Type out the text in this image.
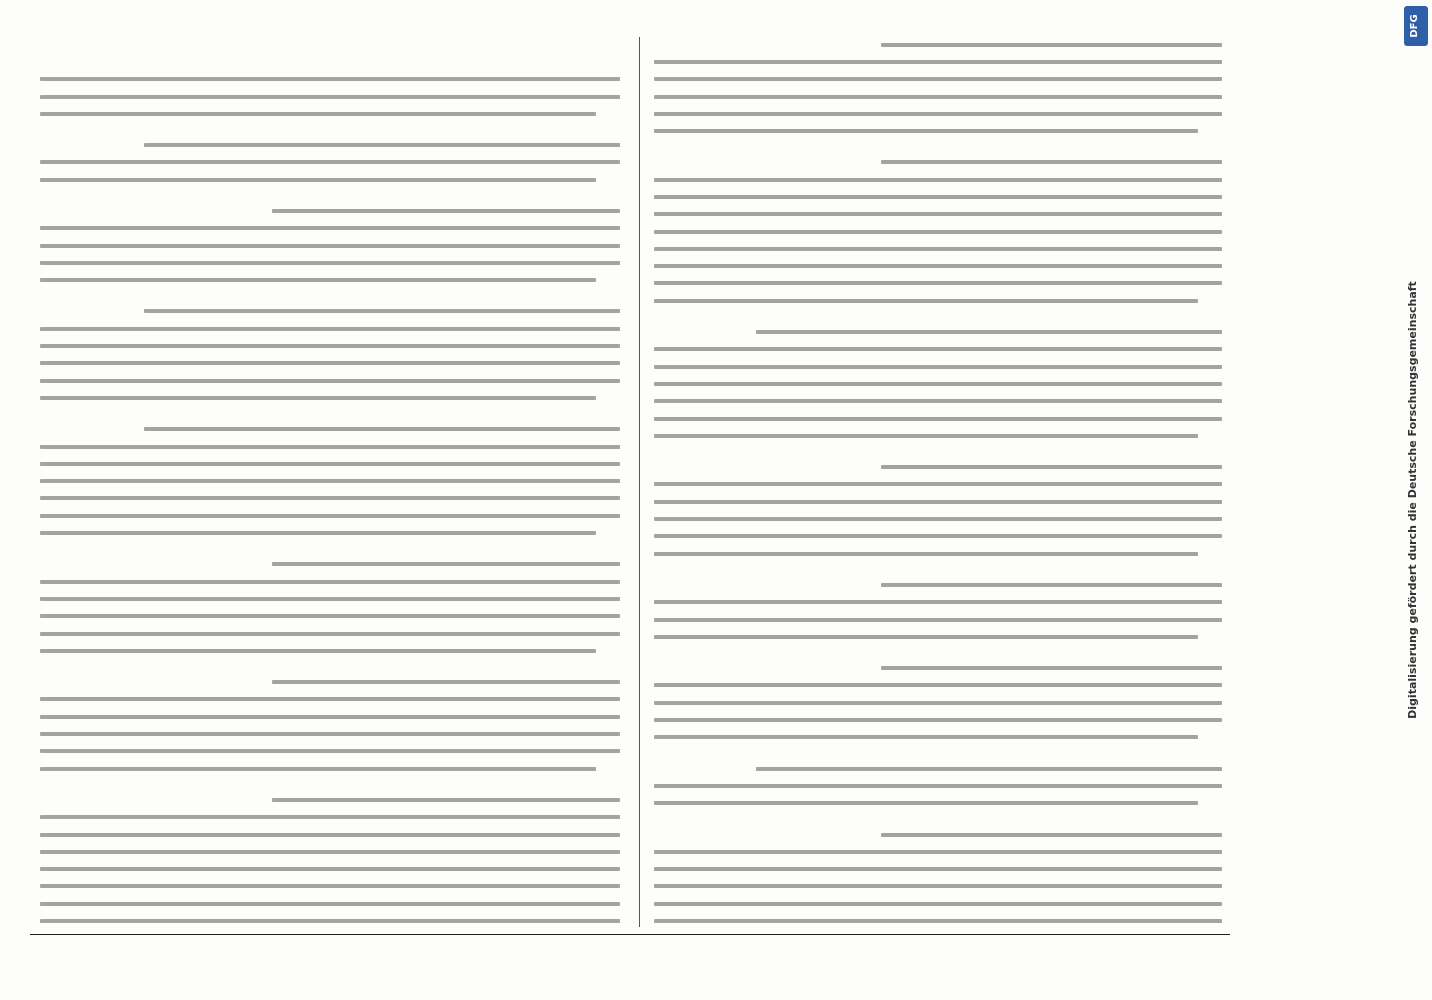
DFG
Digitalisierung gefördert durch die Deutsche Forschungsgemeinschaft
